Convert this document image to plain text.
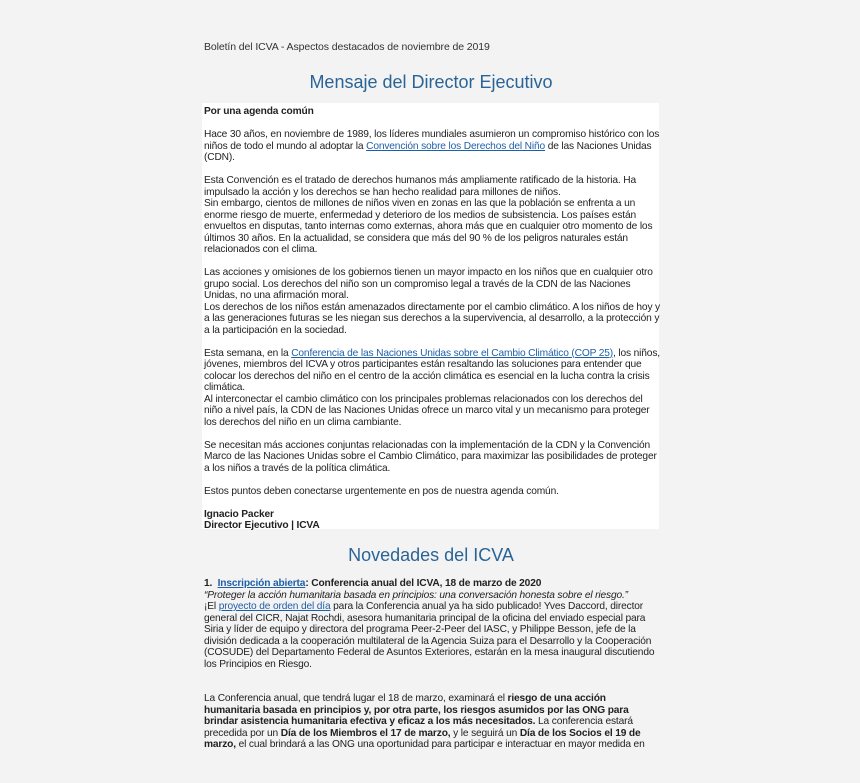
Boletín del ICVA - Aspectos destacados de noviembre de 2019
Mensaje del Director Ejecutivo

Por una agenda común

Hace 30 años, en noviembre de 1989, los líderes mundiales asumieron un compromiso histórico con los niños de todo el mundo al adoptar la Convención sobre los Derechos del Niño de las Naciones Unidas (CDN).

Esta Convención es el tratado de derechos humanos más ampliamente ratificado de la historia. Ha impulsado la acción y los derechos se han hecho realidad para millones de niños.

Sin embargo, cientos de millones de niños viven en zonas en las que la población se enfrenta a un enorme riesgo de muerte, enfermedad y deterioro de los medios de subsistencia. Los países están envueltos en disputas, tanto internas como externas, ahora más que en cualquier otro momento de los últimos 30 años. En la actualidad, se considera que más del 90 % de los peligros naturales están relacionados con el clima.

Las acciones y omisiones de los gobiernos tienen un mayor impacto en los niños que en cualquier otro grupo social. Los derechos del niño son un compromiso legal a través de la CDN de las Naciones Unidas, no una afirmación moral.

Los derechos de los niños están amenazados directamente por el cambio climático. A los niños de hoy y a las generaciones futuras se les niegan sus derechos a la supervivencia, al desarrollo, a la protección y a la participación en la sociedad.

Esta semana, en la Conferencia de las Naciones Unidas sobre el Cambio Climático (COP 25), los niños, jóvenes, miembros del ICVA y otros participantes están resaltando las soluciones para entender que colocar los derechos del niño en el centro de la acción climática es esencial en la lucha contra la crisis climática.

Al interconectar el cambio climático con los principales problemas relacionados con los derechos del niño a nivel país, la CDN de las Naciones Unidas ofrece un marco vital y un mecanismo para proteger los derechos del niño en un clima cambiante.

Se necesitan más acciones conjuntas relacionadas con la implementación de la CDN y la Convención Marco de las Naciones Unidas sobre el Cambio Climático, para maximizar las posibilidades de proteger a los niños a través de la política climática.

Estos puntos deben conectarse urgentemente en pos de nuestra agenda común.

Ignacio Packer

Director Ejecutivo | ICVA

Novedades del ICVA

1. Inscripción abierta: Conferencia anual del ICVA, 18 de marzo de 2020

“Proteger la acción humanitaria basada en principios: una conversación honesta sobre el riesgo.”

¡El proyecto de orden del día para la Conferencia anual ya ha sido publicado! Yves Daccord, director general del CICR, Najat Rochdi, asesora humanitaria principal de la oficina del enviado especial para Siria y líder de equipo y directora del programa Peer-2-Peer del IASC, y Philippe Besson, jefe de la división dedicada a la cooperación multilateral de la Agencia Suiza para el Desarrollo y la Cooperación (COSUDE) del Departamento Federal de Asuntos Exteriores, estarán en la mesa inaugural discutiendo los Principios en Riesgo.

La Conferencia anual, que tendrá lugar el 18 de marzo, examinará el riesgo de una acción humanitaria basada en principios y, por otra parte, los riesgos asumidos por las ONG para brindar asistencia humanitaria efectiva y eficaz a los más necesitados. La conferencia estará precedida por un Día de los Miembros el 17 de marzo, y le seguirá un Día de los Socios el 19 de marzo, el cual brindará a las ONG una oportunidad para participar e interactuar en mayor medida en
